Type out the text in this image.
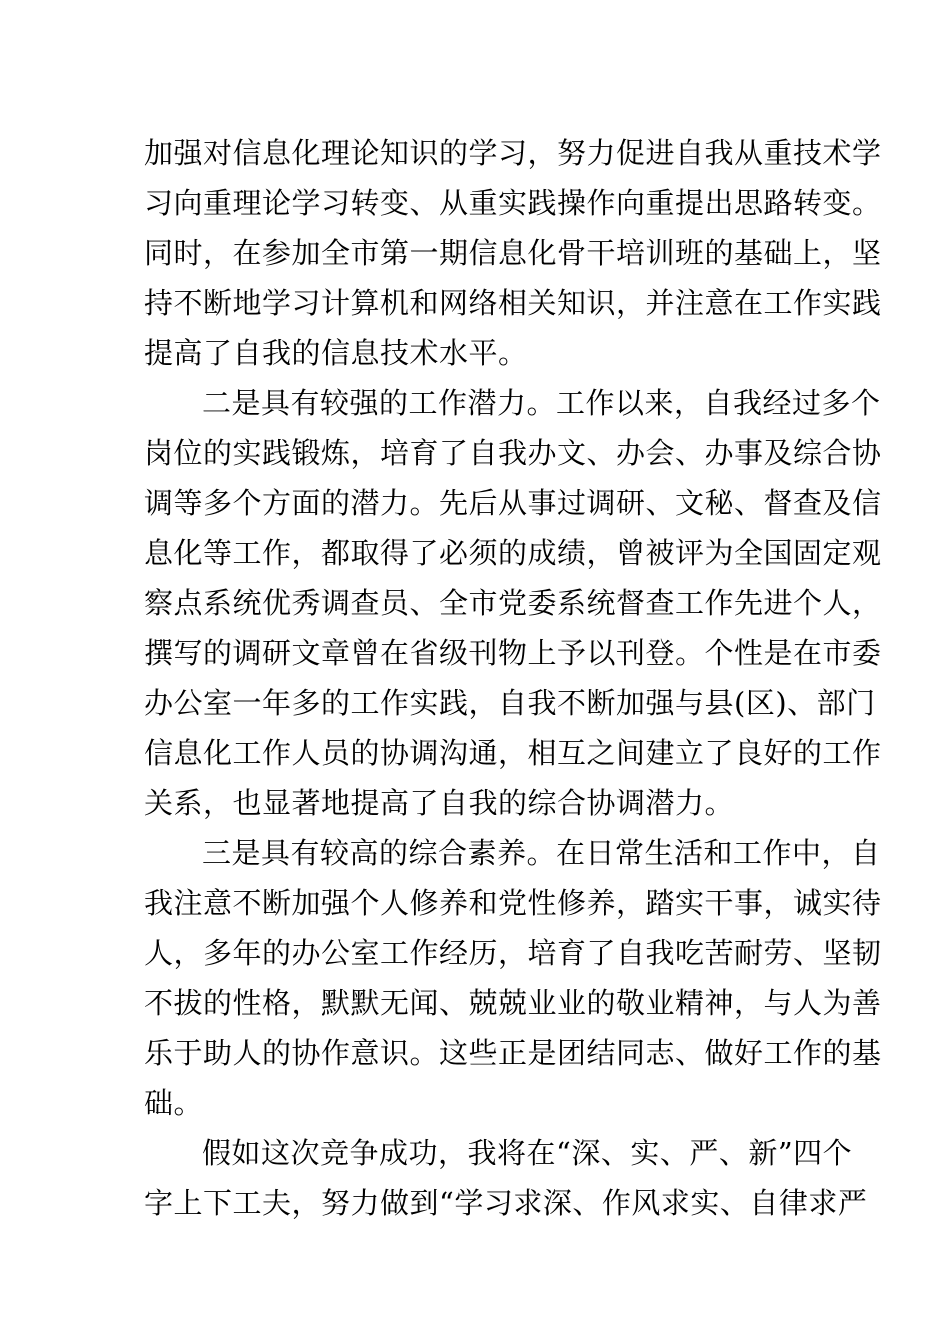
加强对信息化理论知识的学习，努力促进自我从重技术学
习向重理论学习转变、从重实践操作向重提出思路转变。
同时，在参加全市第一期信息化骨干培训班的基础上，坚
持不断地学习计算机和网络相关知识，并注意在工作实践
提高了自我的信息技术水平。
二是具有较强的工作潜力。工作以来，自我经过多个
岗位的实践锻炼，培育了自我办文、办会、办事及综合协
调等多个方面的潜力。先后从事过调研、文秘、督查及信
息化等工作，都取得了必须的成绩，曾被评为全国固定观
察点系统优秀调查员、全市党委系统督查工作先进个人，
撰写的调研文章曾在省级刊物上予以刊登。个性是在市委
办公室一年多的工作实践，自我不断加强与县(区)、部门
信息化工作人员的协调沟通，相互之间建立了良好的工作
关系，也显著地提高了自我的综合协调潜力。
三是具有较高的综合素养。在日常生活和工作中，自
我注意不断加强个人修养和党性修养，踏实干事，诚实待
人，多年的办公室工作经历，培育了自我吃苦耐劳、坚韧
不拔的性格，默默无闻、兢兢业业的敬业精神，与人为善
乐于助人的协作意识。这些正是团结同志、做好工作的基
础。
假如这次竞争成功，我将在“深、实、严、新”四个
字上下工夫，努力做到“学习求深、作风求实、自律求严
